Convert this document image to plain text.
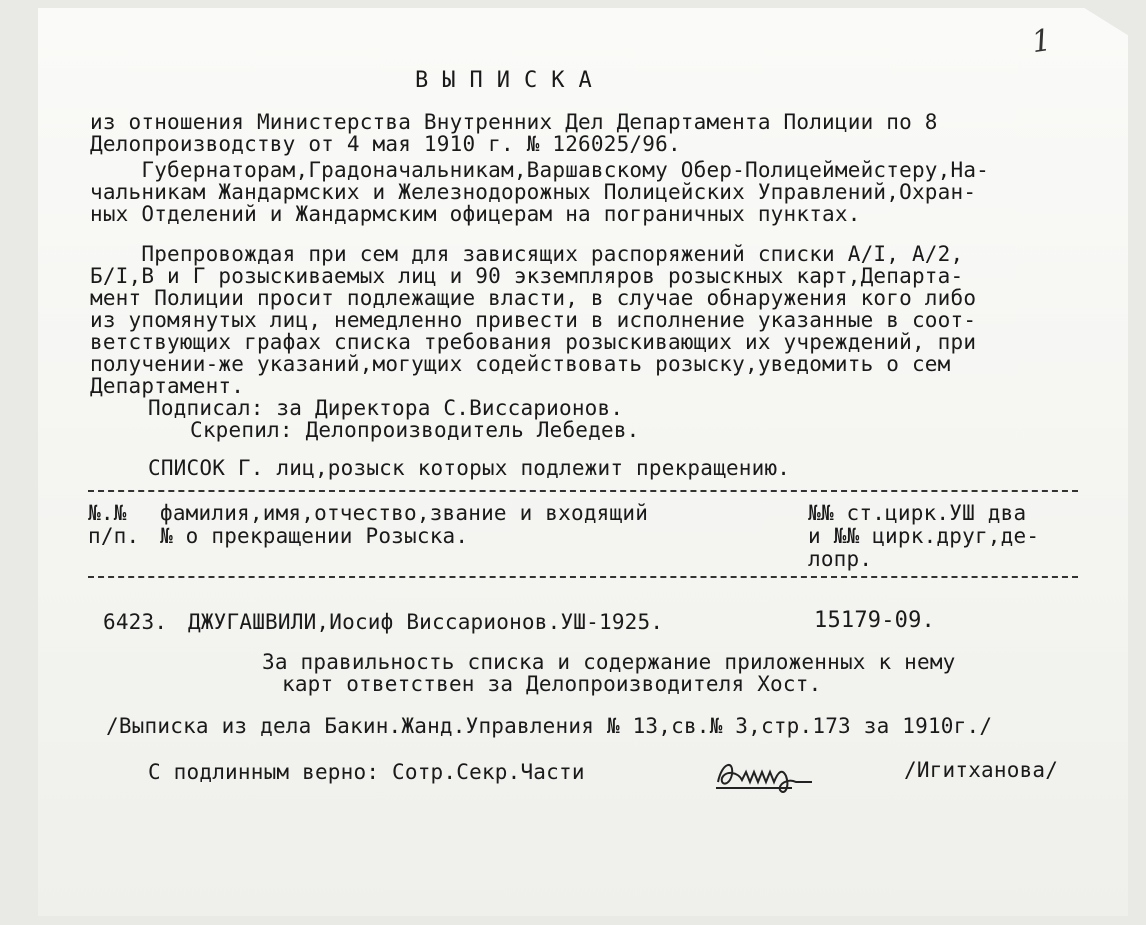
1
ВЫПИСКА
из отношения Министерства Внутренних Дел Департамента Полиции по 8
Делопроизводству от 4 мая 1910 г. № 126025/96.
Губернаторам,Градоначальникам,Варшавскому Обер-Полицеймейстеру,На-
чальникам Жандармских и Железнодорожных Полицейских Управлений,Охран-
ных Отделений и Жандармским офицерам на пограничных пунктах.
Препровождая при сем для зависящих распоряжений списки А/I, А/2,
Б/I,В и Г розыскиваемых лиц и 90 экземпляров розыскных карт,Департа-
мент Полиции просит подлежащие власти, в случае обнаружения кого либо
из упомянутых лиц, немедленно привести в исполнение указанные в соот-
ветствующих графах списка требования розыскивающих их учреждений, при
получении-же указаний,могущих содействовать розыску,уведомить о сем
Департамент.
Подписал: за Директора С.Виссарионов.
Скрепил: Делопроизводитель Лебедев.
СПИСОК Г. лиц,розыск которых подлежит прекращению.
№.№
п/п.
фамилия,имя,отчество,звание и входящий
№ о прекращении Розыска.
№№ ст.цирк.УШ два
и №№ цирк.друг,де-
лопр.
6423. ДЖУГАШВИЛИ,Иосиф Виссарионов.УШ-1925.	15179-09.
За правильность списка и содержание приложенных к нему
карт ответствен за Делопроизводителя Хост.
/Выписка из дела Бакин.Жанд.Управления № 13,св.№ 3,стр.173 за 1910г./
С подлинным верно: Сотр.Секр.Части	/Игитханова/
